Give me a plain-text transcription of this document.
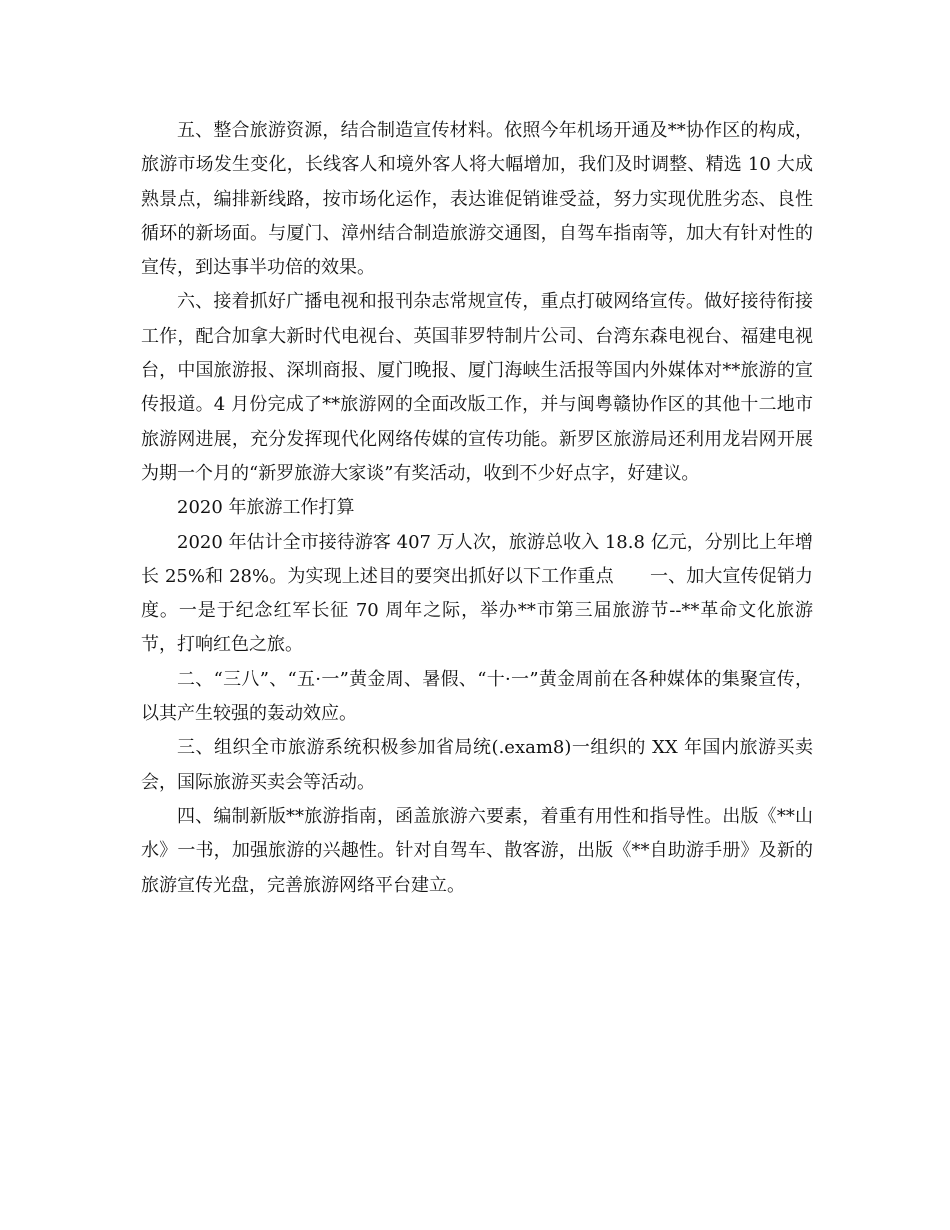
五、整合旅游资源，结合制造宣传材料。依照今年机场开通及**协作区的构成，旅游市场发生变化，长线客人和境外客人将大幅增加，我们及时调整、精选 10 大成熟景点，编排新线路，按市场化运作，表达谁促销谁受益，努力实现优胜劣态、良性循环的新场面。与厦门、漳州结合制造旅游交通图，自驾车指南等，加大有针对性的宣传，到达事半功倍的效果。

六、接着抓好广播电视和报刊杂志常规宣传，重点打破网络宣传。做好接待衔接工作，配合加拿大新时代电视台、英国菲罗特制片公司、台湾东森电视台、福建电视台，中国旅游报、深圳商报、厦门晚报、厦门海峡生活报等国内外媒体对**旅游的宣传报道。4 月份完成了**旅游网的全面改版工作，并与闽粤赣协作区的其他十二地市旅游网进展，充分发挥现代化网络传媒的宣传功能。新罗区旅游局还利用龙岩网开展为期一个月的“新罗旅游大家谈”有奖活动，收到不少好点字，好建议。

2020 年旅游工作打算

2020 年估计全市接待游客 407 万人次，旅游总收入 18.8 亿元，分别比上年增长 25%和 28%。为实现上述目的要突出抓好以下工作重点　　一、加大宣传促销力度。一是于纪念红军长征 70 周年之际，举办**市第三届旅游节--**革命文化旅游节，打响红色之旅。

二、“三八”、“五·一”黄金周、暑假、“十·一”黄金周前在各种媒体的集聚宣传，以其产生较强的轰动效应。

三、组织全市旅游系统积极参加省局统(.exam8)一组织的 XX 年国内旅游买卖会，国际旅游买卖会等活动。

四、编制新版**旅游指南，函盖旅游六要素，着重有用性和指导性。出版《**山水》一书，加强旅游的兴趣性。针对自驾车、散客游，出版《**自助游手册》及新的旅游宣传光盘，完善旅游网络平台建立。
